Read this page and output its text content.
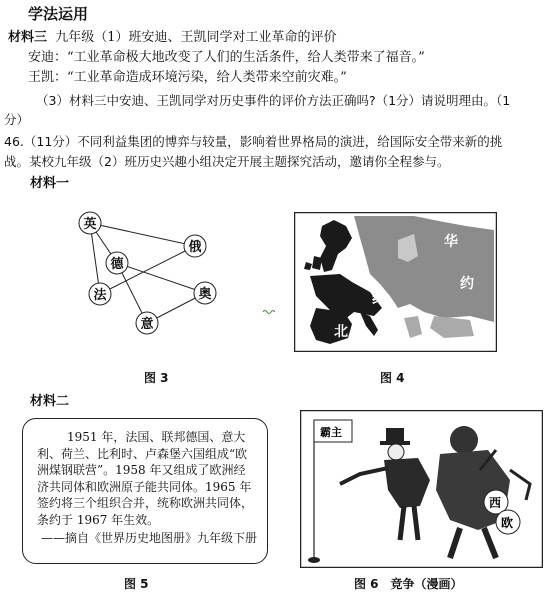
学法运用
材料三 九年级（1）班安迪、王凯同学对工业革命的评价
安迪：“工业革命极大地改变了人们的生活条件，给人类带来了福音。”
王凯：“工业革命造成环境污染，给人类带来空前灾难。”
（3）材料三中安迪、王凯同学对历史事件的评价方法正确吗?（1分）请说明理由。（1
分）
46.（11分）不同利益集团的博弈与较量，影响着世界格局的演进，给国际安全带来新的挑
战。某校九年级（2）班历史兴趣小组决定开展主题探究活动，邀请你全程参与。
材料一
英
俄
德
法	奥
意
华
约
约
北
图 3	图 4
材料二

1951 年，法国、联邦德国、意大利、荷兰、比利时、卢森堡六国组成“欧洲煤钢联营”。1958 年又组成了欧洲经济共同体和欧洲原子能共同体。1965 年签约将三个组织合并，统称欧洲共同体，条约于 1967 年生效。

——摘自《世界历史地图册》九年级下册
霸主
西
欧
图 5	图 6　竞争（漫画）
